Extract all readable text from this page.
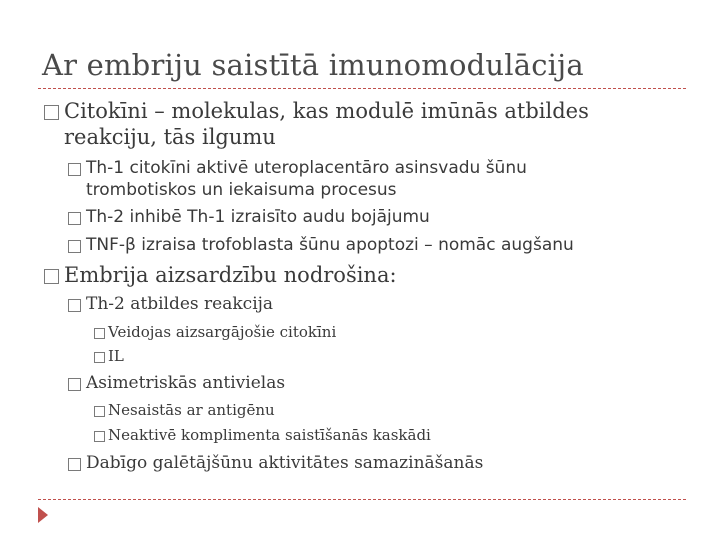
Ar embriju saistītā imunomodulācija
Citokīni – molekulas, kas modulē imūnās atbildes
reakciju, tās ilgumu
Th-1 citokīni aktivē uteroplacentāro asinsvadu šūnu
trombotiskos un iekaisuma procesus
Th-2 inhibē Th-1 izraisīto audu bojājumu
TNF-β izraisa trofoblasta šūnu apoptozi – nomāc augšanu
Embrija aizsardzību nodrošina:
Th-2 atbildes reakcija
Veidojas aizsargājošie citokīni
IL
Asimetriskās antivielas
Nesaistās ar antigēnu
Neaktivē komplimenta saistīšanās kaskādi
Dabīgo galētājšūnu aktivitātes samazināšanās
